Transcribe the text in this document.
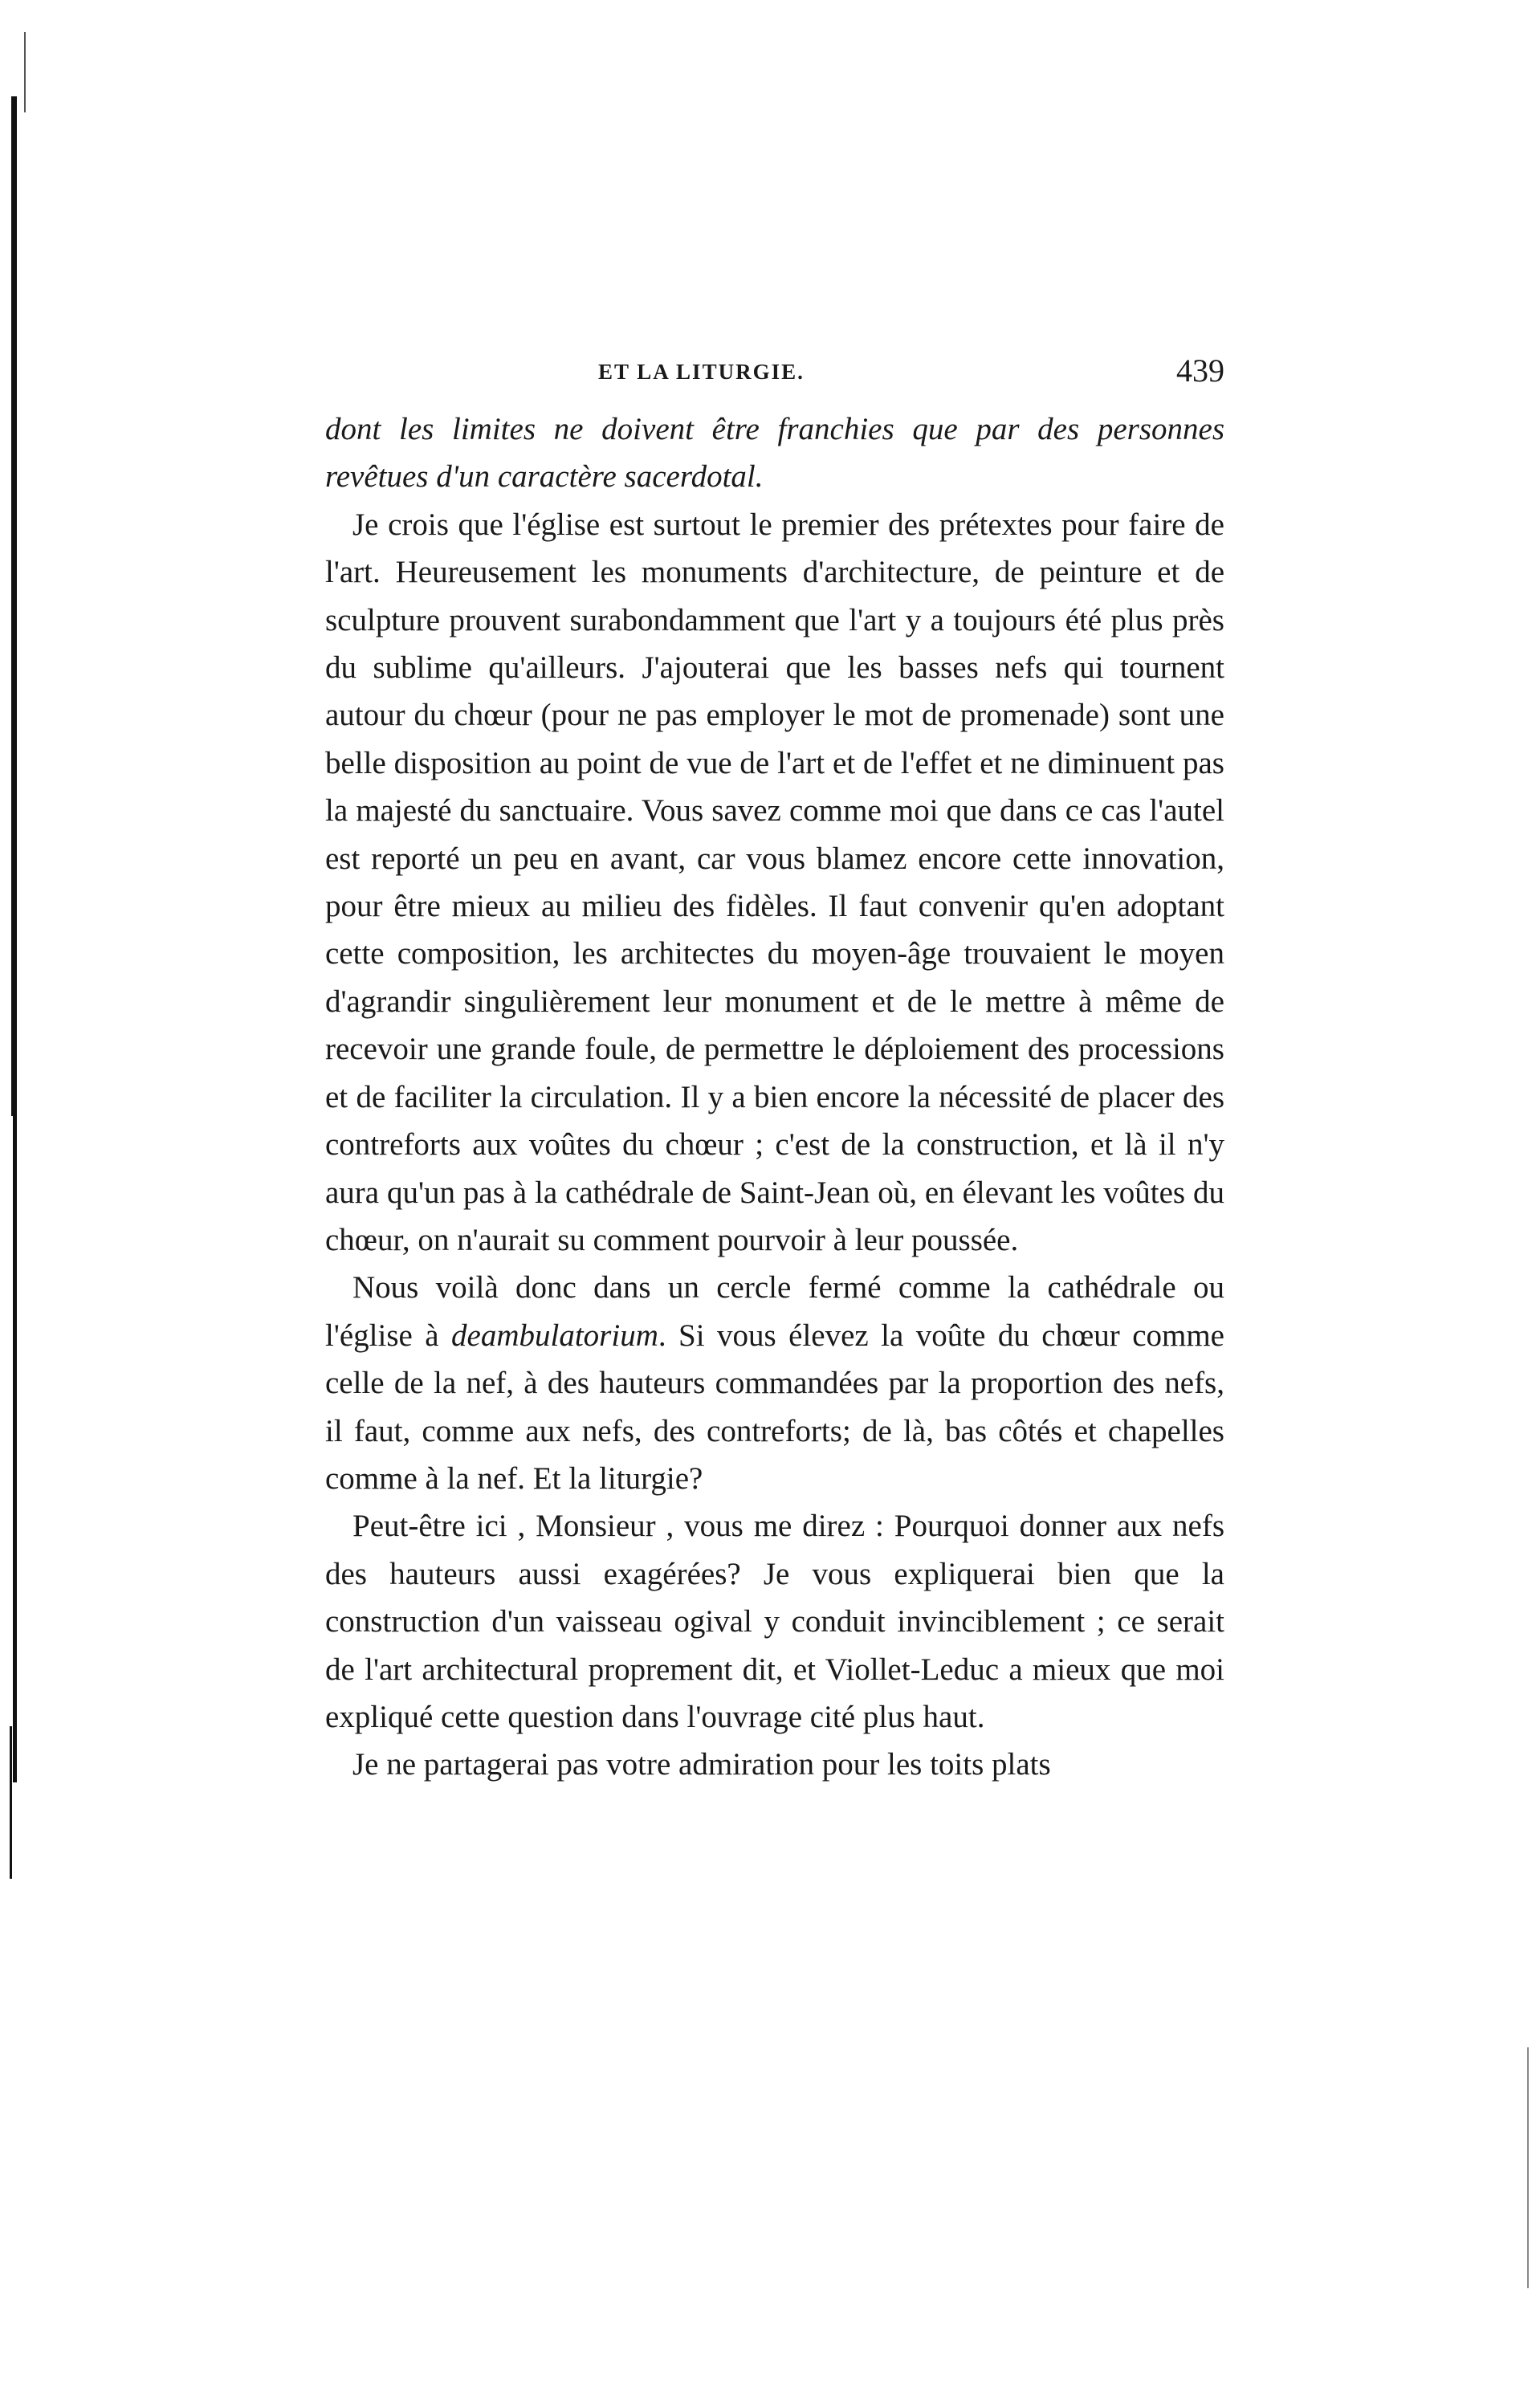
ET LA LITURGIE.	439

dont les limites ne doivent être franchies que par des personnes revêtues d'un caractère sacerdotal.

Je crois que l'église est surtout le premier des prétextes pour faire de l'art. Heureusement les monuments d'architecture, de peinture et de sculpture prouvent surabondamment que l'art y a toujours été plus près du sublime qu'ailleurs. J'ajouterai que les basses nefs qui tournent autour du chœur (pour ne pas employer le mot de promenade) sont une belle disposition au point de vue de l'art et de l'effet et ne diminuent pas la majesté du sanctuaire. Vous savez comme moi que dans ce cas l'autel est reporté un peu en avant, car vous blamez encore cette innovation, pour être mieux au milieu des fidèles. Il faut convenir qu'en adoptant cette composition, les architectes du moyen-âge trouvaient le moyen d'agrandir singulièrement leur monument et de le mettre à même de recevoir une grande foule, de permettre le déploiement des processions et de faciliter la circulation. Il y a bien encore la nécessité de placer des contreforts aux voûtes du chœur ; c'est de la construction, et là il n'y aura qu'un pas à la cathédrale de Saint-Jean où, en élevant les voûtes du chœur, on n'aurait su comment pourvoir à leur poussée.

Nous voilà donc dans un cercle fermé comme la cathédrale ou l'église à deambulatorium. Si vous élevez la voûte du chœur comme celle de la nef, à des hauteurs commandées par la proportion des nefs, il faut, comme aux nefs, des contreforts; de là, bas côtés et chapelles comme à la nef. Et la liturgie?

Peut-être ici , Monsieur , vous me direz : Pourquoi donner aux nefs des hauteurs aussi exagérées? Je vous expliquerai bien que la construction d'un vaisseau ogival y conduit invinciblement ; ce serait de l'art architectural proprement dit, et Viollet-Leduc a mieux que moi expliqué cette question dans l'ouvrage cité plus haut.

Je ne partagerai pas votre admiration pour les toits plats
